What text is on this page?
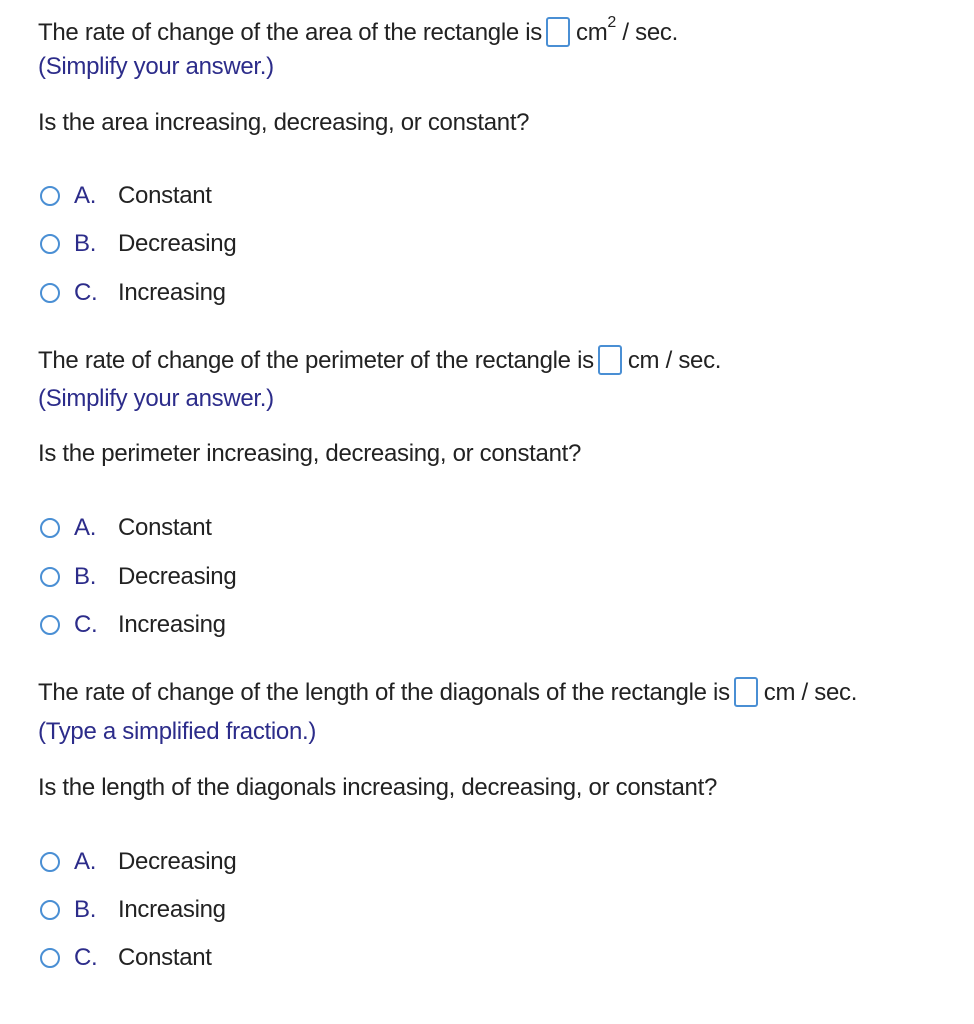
The rate of change of the area of the rectangle is $cm^2$ / sec.
(Simplify your answer.)
Is the area increasing, decreasing, or constant?
A. Constant
B. Decreasing
C. Increasing
The rate of change of the perimeter of the rectangle is cm / sec.
(Simplify your answer.)
Is the perimeter increasing, decreasing, or constant?
A. Constant
B. Decreasing
C. Increasing
The rate of change of the length of the diagonals of the rectangle is cm / sec.
(Type a simplified fraction.)
Is the length of the diagonals increasing, decreasing, or constant?
A. Decreasing
B. Increasing
C. Constant
